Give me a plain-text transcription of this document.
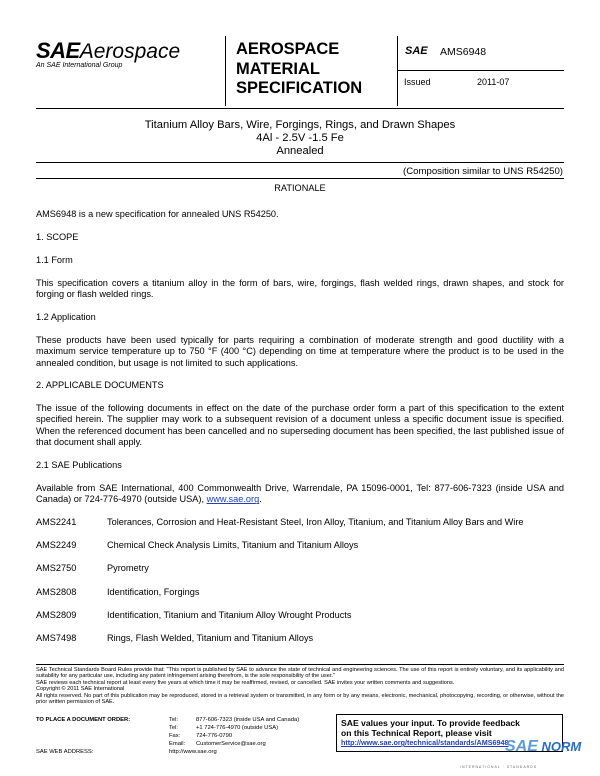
SAEAerospace
An SAE International Group
AEROSPACE
MATERIAL
SPECIFICATION
SAE AMS6948
Issued	2011-07
Titanium Alloy Bars, Wire, Forgings, Rings, and Drawn Shapes
4Al - 2.5V -1.5 Fe
Annealed
(Composition similar to UNS R54250)
RATIONALE
AMS6948 is a new specification for annealed UNS R54250.
1. SCOPE
1.1 Form
This specification covers a titanium alloy in the form of bars, wire, forgings, flash welded rings, drawn shapes, and stock for forging or flash welded rings.
1.2 Application
These products have been used typically for parts requiring a combination of moderate strength and good ductility with a maximum service temperature up to 750 °F (400 °C) depending on time at temperature where the product is to be used in the annealed condition, but usage is not limited to such applications.
2. APPLICABLE DOCUMENTS
The issue of the following documents in effect on the date of the purchase order form a part of this specification to the extent specified herein. The supplier may work to a subsequent revision of a document unless a specific document issue is specified. When the referenced document has been cancelled and no superseding document has been specified, the last published issue of that document shall apply.
2.1 SAE Publications
Available from SAE International, 400 Commonwealth Drive, Warrendale, PA 15096-0001, Tel: 877-606-7323 (inside USA and Canada) or 724-776-4970 (outside USA), www.sae.org.
AMS2241	Tolerances, Corrosion and Heat-Resistant Steel, Iron Alloy, Titanium, and Titanium Alloy Bars and Wire
AMS2249	Chemical Check Analysis Limits, Titanium and Titanium Alloys
AMS2750	Pyrometry
AMS2808	Identification, Forgings
AMS2809	Identification, Titanium and Titanium Alloy Wrought Products
AMS7498	Rings, Flash Welded, Titanium and Titanium Alloys
SAE Technical Standards Board Rules provide that: "This report is published by SAE to advance the state of technical and engineering sciences. The use of this report is entirely voluntary, and its applicability and suitability for any particular use, including any patent infringement arising therefrom, is the sole responsibility of the user."
SAE reviews each technical report at least every five years at which time it may be reaffirmed, revised, or cancelled. SAE invites your written comments and suggestions.
Copyright © 2011 SAE International
All rights reserved. No part of this publication may be reproduced, stored in a retrieval system or transmitted, in any form or by any means, electronic, mechanical, photocopying, recording, or otherwise, without the prior written permission of SAE.
TO PLACE A DOCUMENT ORDER:	Tel:	877-606-7323 (inside USA and Canada)
Tel:	+1 724-776-4970 (outside USA)
Fax:	724-776-0790
Email: CustomerService@sae.org
SAE WEB ADDRESS:	http://www.sae.org
SAE values your input. To provide feedback
on this Technical Report, please visit
http://www.sae.org/technical/standards/AMS6948
SAE NORM
INTERNATIONAL · STANDARDS
